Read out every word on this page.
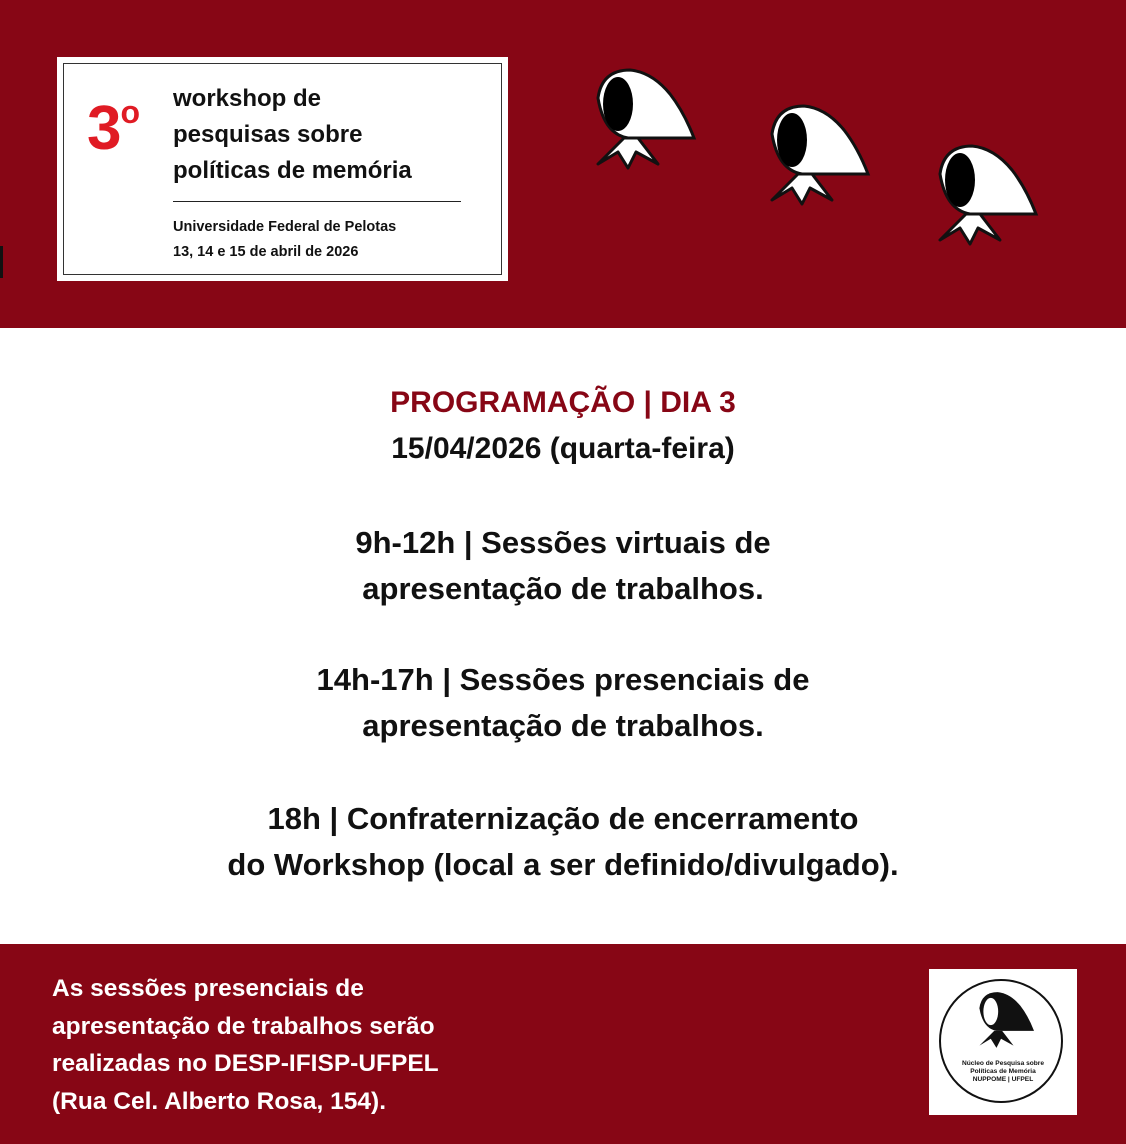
3$^o$ workshop de
pesquisas sobre
políticas de memória
Universidade Federal de Pelotas
13, 14 e 15 de abril de 2026
PROGRAMAÇÃO | DIA 3
15/04/2026 (quarta-feira)
9h-12h | Sessões virtuais de
apresentação de trabalhos.
14h-17h | Sessões presenciais de
apresentação de trabalhos.
18h | Confraternização de encerramento
do Workshop (local a ser definido/divulgado).
As sessões presenciais de
apresentação de trabalhos serão
realizadas no DESP-IFISP-UFPEL
(Rua Cel. Alberto Rosa, 154).
Núcleo de Pesquisa sobre
Políticas de Memória
NUPPOME | UFPEL
